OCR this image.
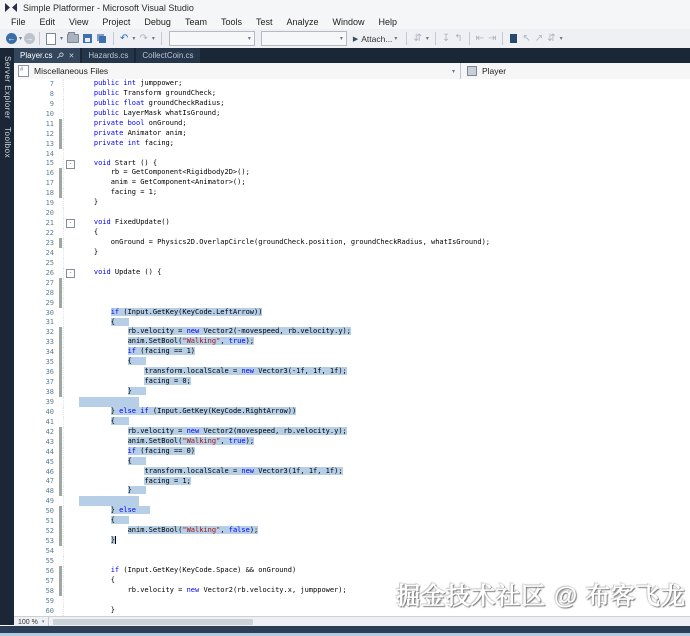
Simple Platformer - Microsoft Visual Studio
File	Edit	View	Project	Debug	Team	Tools	Test	Analyze	Window	Help
← ▾ →	▾	↶ ▾ ↷ ▾	▾	▾ ▶ Attach... ▾ ⇵ ▾ ↧ ↰ ⇤ ⇥	↖ ↗ ⇵ ▾
Server Explorer
Toolbox
Player.cs ✕ Hazards.cs CollectCoin.cs
#
Miscellaneous Files	▾	Player
7	public int jumppower;
8	public Transform groundCheck;
9	public float groundCheckRadius;
10	public LayerMask whatIsGround;
11	private bool onGround;
12	private Animator anim;
13	private int facing;
14
15	-	void Start () {
16	rb = GetComponent<Rigidbody2D>();
17	anim = GetComponent<Animator>();
18	facing = 1;
19	}
20
21	-	void FixedUpdate()
22	{
23	onGround = Physics2D.OverlapCircle(groundCheck.position, groundCheckRadius, whatIsGround);
24	}
25
26	-	void Update () {
27
28
29
30	if (Input.GetKey(KeyCode.LeftArrow))
31	{
32	rb.velocity = new Vector2(-movespeed, rb.velocity.y);
33	anim.SetBool("Walking", true);
34	if (facing == 1)
35	{
36	transform.localScale = new Vector3(-1f, 1f, 1f);
37	facing = 0;
38	}
39
40	} else if (Input.GetKey(KeyCode.RightArrow))
41	{
42	rb.velocity = new Vector2(movespeed, rb.velocity.y);
43	anim.SetBool("Walking", true);
44	if (facing == 0)
45	{
46	transform.localScale = new Vector3(1f, 1f, 1f);
47	facing = 1;
48	}
49
50	} else
51	{
52	anim.SetBool("Walking", false);
53	}
54
55
56	if (Input.GetKey(KeyCode.Space) && onGround)
57	{
58	rb.velocity = new Vector2(rb.velocity.x, jumppower);
59
60	}
100 % ▾
掘金技术社区 @ 布客飞龙
